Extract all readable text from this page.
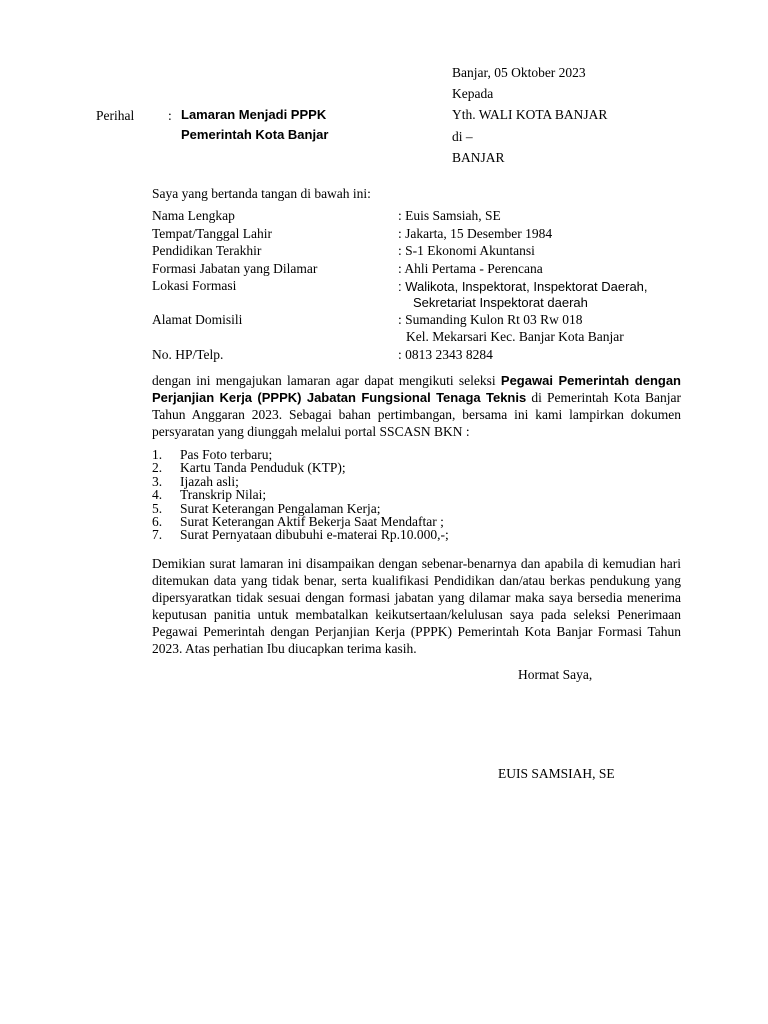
Banjar, 05 Oktober 2023
Kepada
Yth. WALI KOTA BANJAR
di –
BANJAR
Perihal	: Lamaran Menjadi PPPK
Pemerintah Kota Banjar
Saya yang bertanda tangan di bawah ini:
Nama Lengkap	: Euis Samsiah, SE
Tempat/Tanggal Lahir	: Jakarta, 15 Desember 1984
Pendidikan Terakhir	: S-1 Ekonomi Akuntansi
Formasi Jabatan yang Dilamar	: Ahli Pertama - Perencana
Lokasi Formasi	: Walikota, Inspektorat, Inspektorat Daerah,
Sekretariat Inspektorat daerah
Alamat Domisili	: Sumanding Kulon Rt 03 Rw 018
Kel. Mekarsari Kec. Banjar Kota Banjar
No. HP/Telp.	: 0813 2343 8284
dengan ini mengajukan lamaran agar dapat mengikuti seleksi Pegawai Pemerintah dengan Perjanjian Kerja (PPPK) Jabatan Fungsional Tenaga Teknis di Pemerintah Kota Banjar Tahun Anggaran 2023. Sebagai bahan pertimbangan, bersama ini kami lampirkan dokumen persyaratan yang diunggah melalui portal SSCASN BKN :
1. Pas Foto terbaru;
2. Kartu Tanda Penduduk (KTP);
3. Ijazah asli;
4. Transkrip Nilai;
5. Surat Keterangan Pengalaman Kerja;
6. Surat Keterangan Aktif Bekerja Saat Mendaftar ;
7. Surat Pernyataan dibubuhi e-materai Rp.10.000,-;
Demikian surat lamaran ini disampaikan dengan sebenar-benarnya dan apabila di kemudian hari ditemukan data yang tidak benar, serta kualifikasi Pendidikan dan/atau berkas pendukung yang dipersyaratkan tidak sesuai dengan formasi jabatan yang dilamar maka saya bersedia menerima keputusan panitia untuk membatalkan keikutsertaan/kelulusan saya pada seleksi Penerimaan Pegawai Pemerintah dengan Perjanjian Kerja (PPPK) Pemerintah Kota Banjar Formasi Tahun 2023. Atas perhatian Ibu diucapkan terima kasih.
Hormat Saya,
EUIS SAMSIAH, SE
